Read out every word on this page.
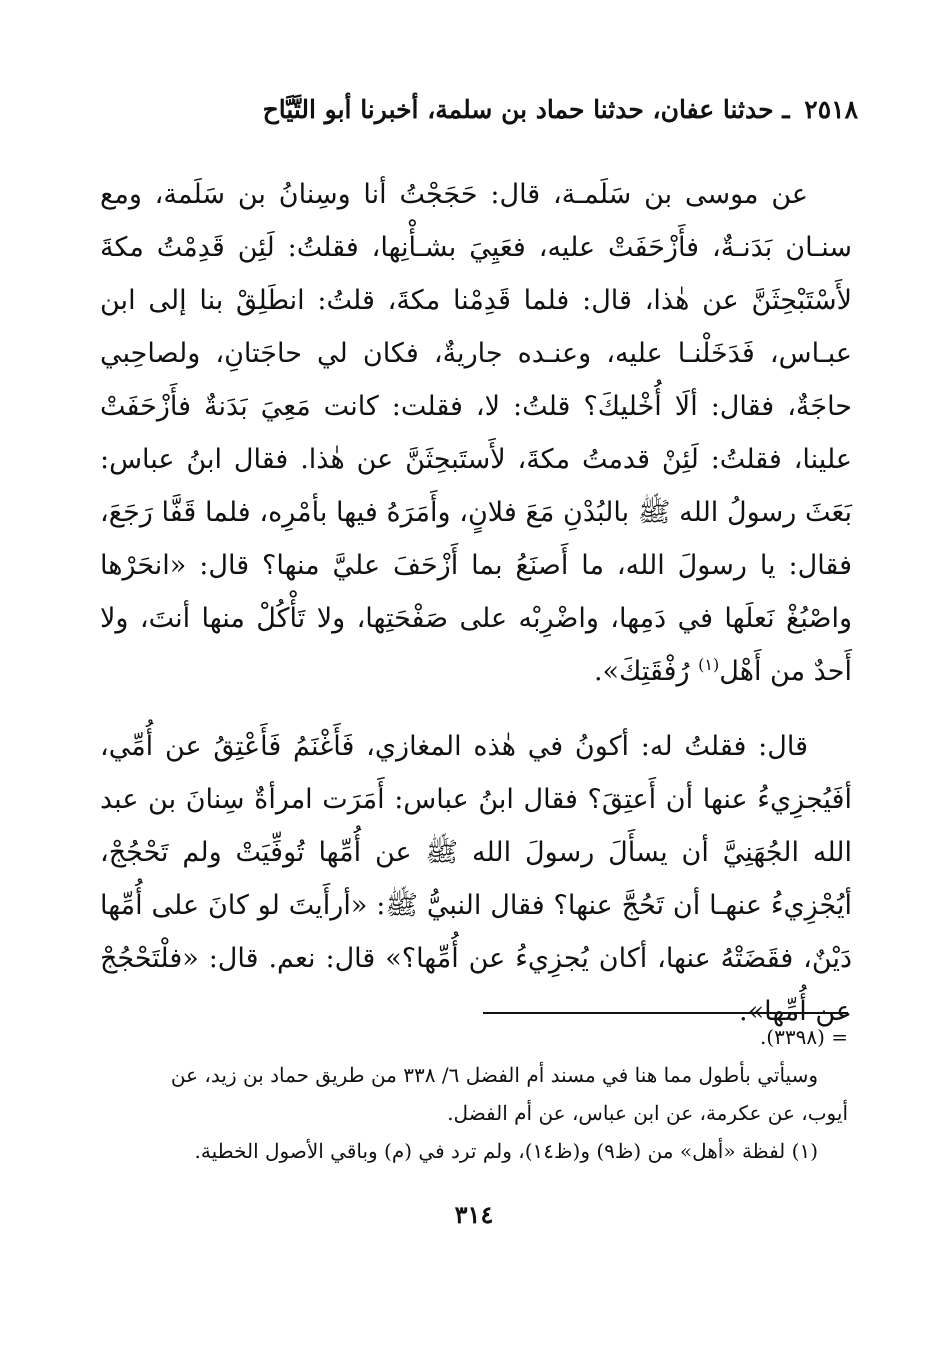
٢٥١٨ ـ حدثنا عفان، حدثنا حماد بن سلمة، أخبرنا أبو التَّيَّاح

عن موسى بن سَلَمـة، قال: حَجَجْتُ أنا وسِنانُ بن سَلَمة، ومع سنـان بَدَنـةٌ، فأَزْحَفَتْ عليه، فعَيِيَ بشـأْنِها، فقلتُ: لَئِن قَدِمْتُ مكةَ لأَسْتَبْحِثَنَّ عن هٰذا، قال: فلما قَدِمْنا مكةَ، قلتُ: انطَلِقْ بنا إلى ابن عبـاس، فَدَخَلْنـا عليه، وعنـده جاريةٌ، فكان لي حاجَتانِ، ولصاحِبي حاجَةٌ، فقال: ألَا أُخْليكَ؟ قلتُ: لا، فقلت: كانت مَعِيَ بَدَنةٌ فأَزْحَفَتْ علينا، فقلتُ: لَئِنْ قدمتُ مكةَ، لأَستَبحِثَنَّ عن هٰذا. فقال ابنُ عباس: بَعَثَ رسولُ الله ﷺ بالبُدْنِ مَعَ فلانٍ، وأَمَرَهُ فيها بأمْرِه، فلما قَفَّا رَجَعَ، فقال: يا رسولَ الله، ما أَصنَعُ بما أَزْحَفَ عليَّ منها؟ قال: «انحَرْها واصْبُغْ نَعلَها في دَمِها، واضْرِبْه على صَفْحَتِها، ولا تَأْكُلْ منها أنتَ، ولا أَحدٌ من أَهْل$^{(١)}$ رُفْقَتِكَ».

قال: فقلتُ له: أكونُ في هٰذه المغازي، فَأَغْنَمُ فَأَعْتِقُ عن أُمِّي، أفَيُجزِيءُ عنها أن أَعتِقَ؟ فقال ابنُ عباس: أَمَرَت امرأةٌ سِنانَ بن عبد الله الجُهَنِيَّ أن يسأَلَ رسولَ الله ﷺ عن أُمِّها تُوفِّيَتْ ولم تَحْجُجْ، أيُجْزِيءُ عنهـا أن تَحُجَّ عنها؟ فقال النبيُّ ﷺ: «أرأَيتَ لو كانَ على أُمِّها دَيْنٌ، فقَضَتْهُ عنها، أكان يُجزِيءُ عن أُمِّها؟» قال: نعم. قال: «فلْتَحْجُجْ عن أُمِّها».

= (٣٣٩٨).

وسيأتي بأطول مما هنا في مسند أم الفضل ٦/ ٣٣٨ من طريق حماد بن زيد، عن

أيوب، عن عكرمة، عن ابن عباس، عن أم الفضل.

(١) لفظة «أهل» من (ظ٩) و(ظ١٤)، ولم ترد في (م) وباقي الأصول الخطية.

٣١٤
